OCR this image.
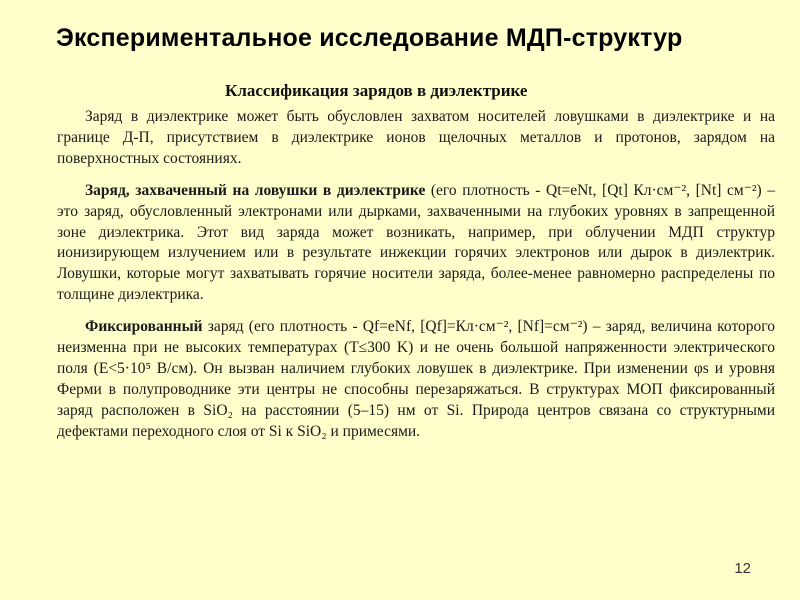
Экспериментальное исследование МДП-структур
Классификация зарядов в диэлектрике

Заряд в диэлектрике может быть обусловлен захватом носителей ловушками в диэлектрике и на границе Д-П, присутствием в диэлектрике ионов щелочных металлов и протонов, зарядом на поверхностных состояниях.

Заряд, захваченный на ловушки в диэлектрике (его плотность - Qt=eNt, [Qt] Кл·см⁻², [Nt] см⁻²) – это заряд, обусловленный электронами или дырками, захваченными на глубоких уровнях в запрещенной зоне диэлектрика. Этот вид заряда может возникать, например, при облучении МДП структур ионизирующем излучением или в результате инжекции горячих электронов или дырок в диэлектрик. Ловушки, которые могут захватывать горячие носители заряда, более-менее равномерно распределены по толщине диэлектрика.

Фиксированный заряд (его плотность - Qf=eNf, [Qf]=Кл·см⁻², [Nf]=см⁻²) – заряд, величина которого неизменна при не высоких температурах (T≤300 K) и не очень большой напряженности электрического поля (E<5·10⁵ В/см). Он вызван наличием глубоких ловушек в диэлектрике. При изменении φs и уровня Ферми в полупроводнике эти центры не способны перезаряжаться. В структурах МОП фиксированный заряд расположен в SiO₂ на расстоянии (5–15) нм от Si. Природа центров связана со структурными дефектами переходного слоя от Si к SiO₂ и примесями.

12
